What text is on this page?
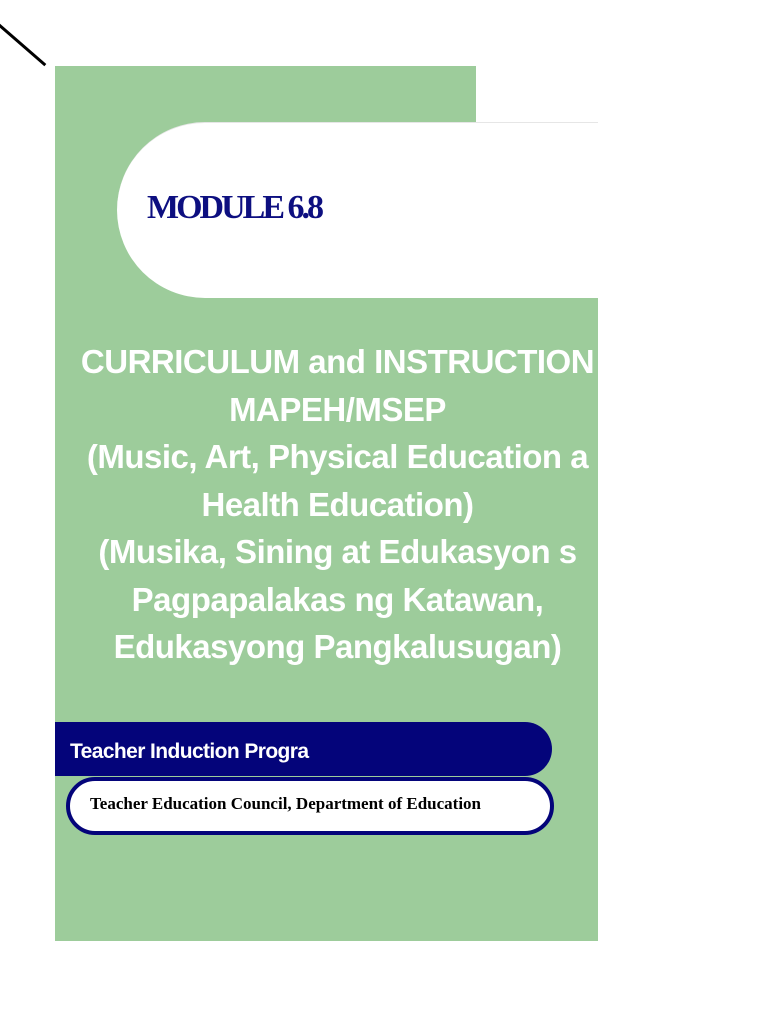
MODULE 6.8
CURRICULUM and INSTRUCTION
MAPEH/MSEP
(Music, Art, Physical Education a
Health Education)
(Musika, Sining at Edukasyon s
Pagpapalakas ng Katawan,
Edukasyong Pangkalusugan)

Teacher Induction Progra

Teacher Education Council, Department of Education
